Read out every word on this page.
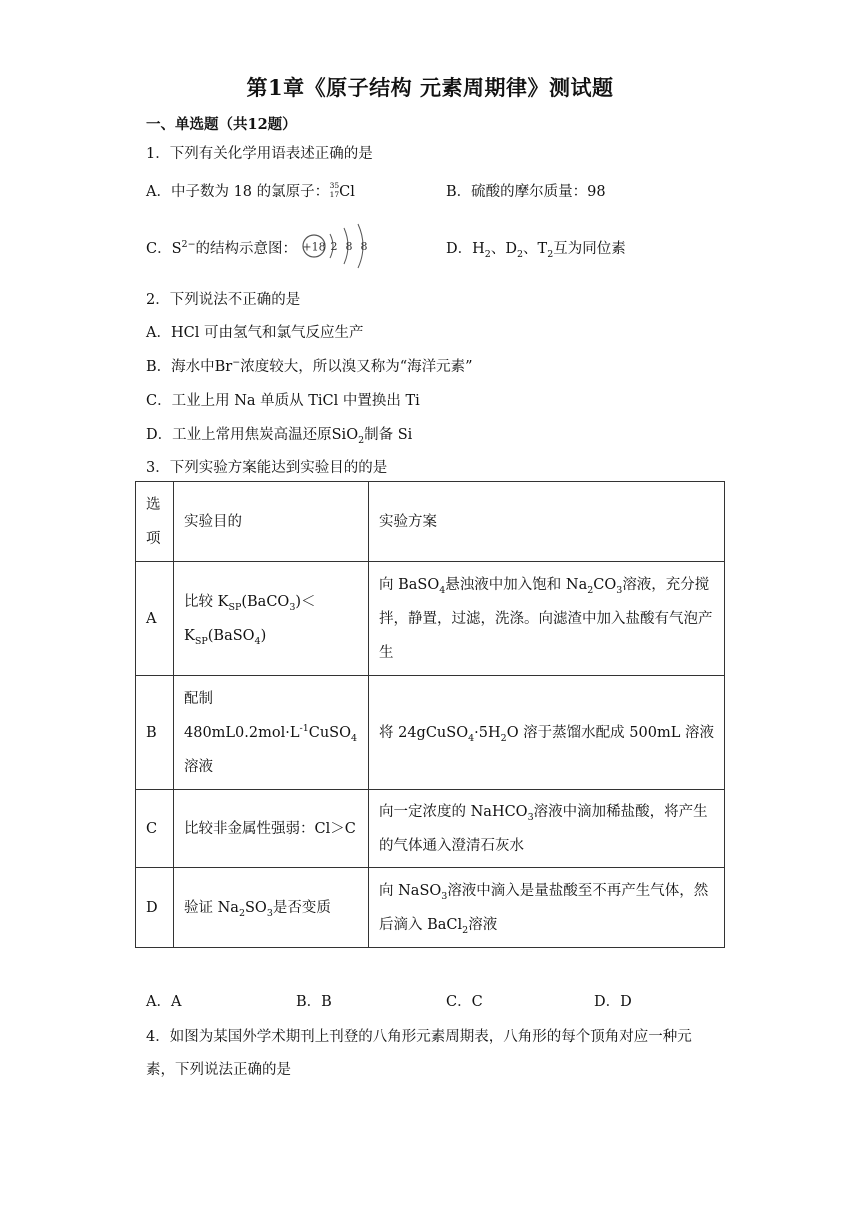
第1章《原子结构 元素周期律》测试题
一、单选题（共12题）
1．下列有关化学用语表述正确的是
A．中子数为 18 的氯原子： 35
17 Cl	B．硫酸的摩尔质量：98
C．$S^{2-}$的结构示意图： +18 2 8 8	D．$H_2$、$D_2$、$T_2$互为同位素
2．下列说法不正确的是
A．HCl 可由氢气和氯气反应生产
B．海水中Br−浓度较大，所以溴又称为“海洋元素”
C．工业上用 Na 单质从 TiCl 中置换出 Ti
D．工业上常用焦炭高温还原SiO$_2$制备 Si
3．下列实验方案能达到实验目的的是
选项	实验目的	实验方案
A	比较 $K_{SP}(BaCO_3)<$
$K_{SP}(BaSO_4)$	向 BaSO$_4$悬浊液中加入饱和 $Na_2CO_3$溶液，充分搅拌，静置，过滤，洗涤。向滤渣中加入盐酸有气泡产生
B	配制
$480mL0.2mol\cdot L^{-1}CuSO_4$溶液	将 $24gCuSO_4\cdot 5H_2O$ 溶于蒸馏水配成 500mL 溶液
C	比较非金属性强弱：Cl＞C	向一定浓度的 NaHCO$_3$溶液中滴加稀盐酸，将产生的气体通入澄清石灰水
D	验证 $Na_2SO_3$是否变质	向 NaSO$_3$溶液中滴入是量盐酸至不再产生气体，然后滴入 BaCl$_2$溶液
A．A	B．B	C．C	D．D
4．如图为某国外学术期刊上刊登的八角形元素周期表，八角形的每个顶角对应一种元
素，下列说法正确的是
